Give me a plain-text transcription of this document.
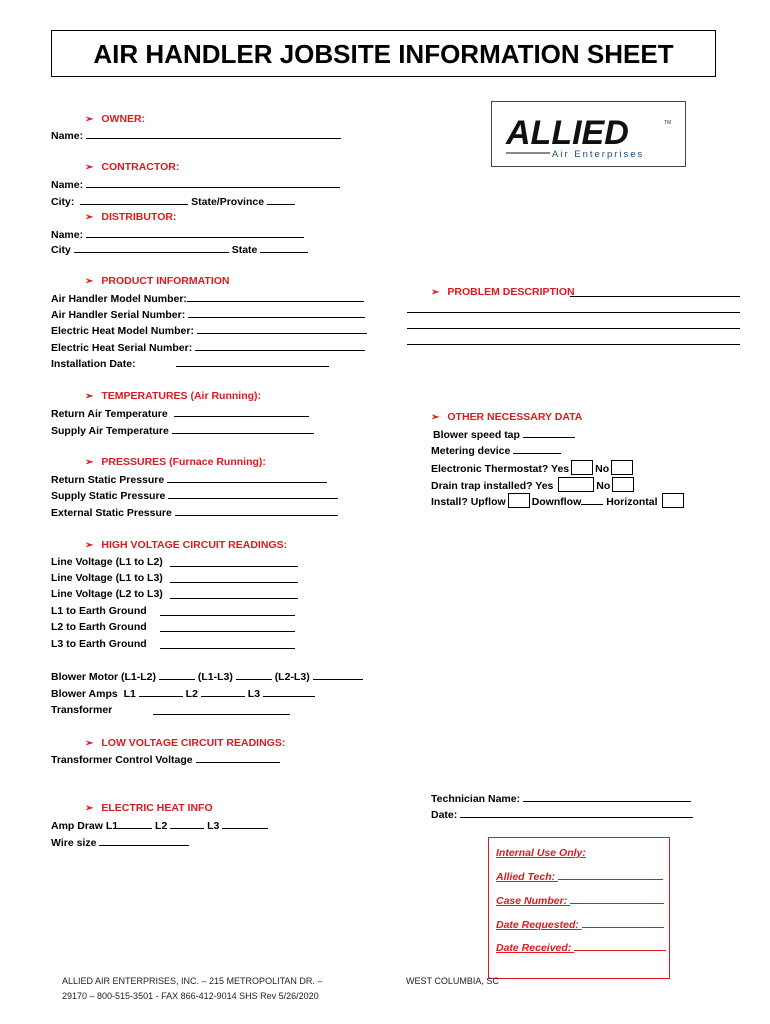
AIR HANDLER JOBSITE INFORMATION SHEET
ALLIED	TM
Air Enterprises
➢ OWNER:
Name:
➢ CONTRACTOR:
Name:
City:	State/Province
➢ DISTRIBUTOR:
Name:
City	State
➢ PRODUCT INFORMATION
Air Handler Model Number:
Air Handler Serial Number:
Electric Heat Model Number:
Electric Heat Serial Number:
Installation Date:
➢ PROBLEM DESCRIPTION
➢ TEMPERATURES (Air Running):
Return Air Temperature
Supply Air Temperature
➢ PRESSURES (Furnace Running):
Return Static Pressure
Supply Static Pressure
External Static Pressure
➢ OTHER NECESSARY DATA
Blower speed tap
Metering device
Electronic Thermostat? Yes No
Drain trap installed? Yes	No
Install? Upflow Downflow Horizontal
➢ HIGH VOLTAGE CIRCUIT READINGS:
Line Voltage (L1 to L2)
Line Voltage (L1 to L3)
Line Voltage (L2 to L3)
L1 to Earth Ground
L2 to Earth Ground
L3 to Earth Ground
Blower Motor (L1-L2)	(L1-L3)	(L2-L3)
Blower Amps L1	L2	L3
Transformer
➢ LOW VOLTAGE CIRCUIT READINGS:
Transformer Control Voltage
➢ ELECTRIC HEAT INFO
Amp Draw L1	L2	L3
Wire size
Technician Name:
Date:
Internal Use Only:
Allied Tech:
Case Number:
Date Requested:
Date Received:
ALLIED AIR ENTERPRISES, INC. – 215 METROPOLITAN DR. –	WEST COLUMBIA, SC
29170 – 800-515-3501 - FAX 866-412-9014 SHS Rev 5/26/2020
